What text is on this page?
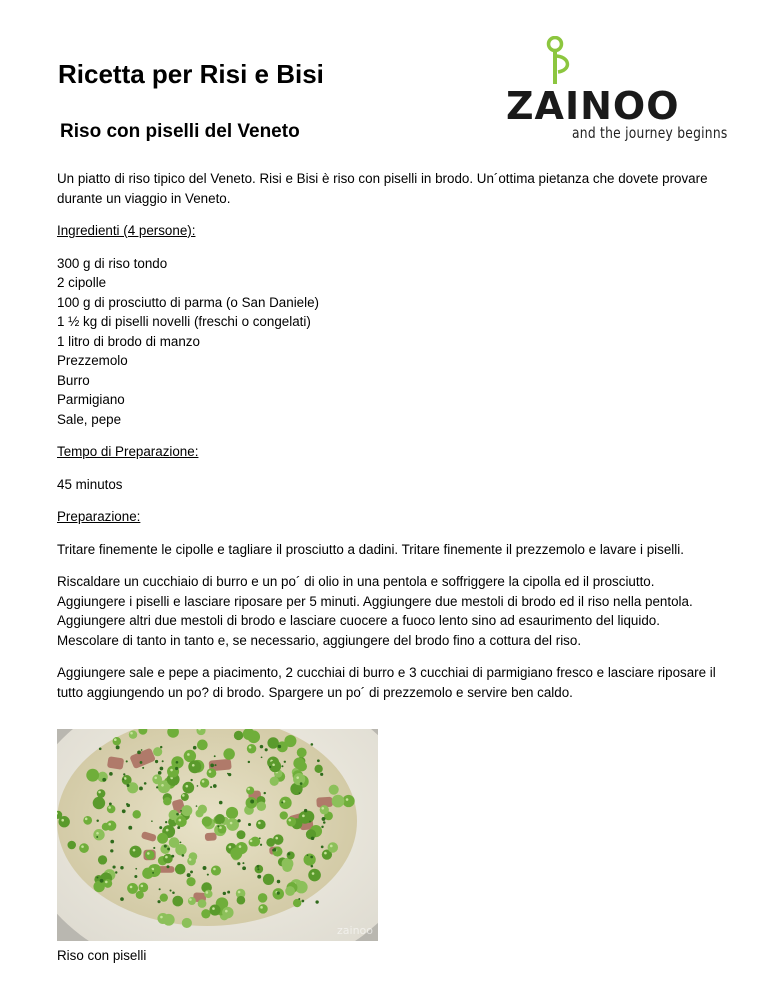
Ricetta per Risi e Bisi
Riso con piselli del Veneto
ZAINOO
and the journey beginns

Un piatto di riso tipico del Veneto. Risi e Bisi è riso con piselli in brodo. Un´ottima pietanza che dovete provare durante un viaggio in Veneto.

Ingredienti (4 persone):

300 g di riso tondo
2 cipolle
100 g di prosciutto di parma (o San Daniele)
1 ½ kg di piselli novelli (freschi o congelati)
1 litro di brodo di manzo
Prezzemolo
Burro
Parmigiano
Sale, pepe

Tempo di Preparazione:

45 minutos

Preparazione:

Tritare finemente le cipolle e tagliare il prosciutto a dadini. Tritare finemente il prezzemolo e lavare i piselli.

Riscaldare un cucchiaio di burro e un po´ di olio in una pentola e soffriggere la cipolla ed il prosciutto. Aggiungere i piselli e lasciare riposare per 5 minuti. Aggiungere due mestoli di brodo ed il riso nella pentola. Aggiungere altri due mestoli di brodo e lasciare cuocere a fuoco lento sino ad esaurimento del liquido. Mescolare di tanto in tanto e, se necessario, aggiungere del brodo fino a cottura del riso.

Aggiungere sale e pepe a piacimento, 2 cucchiai di burro e 3 cucchiai di parmigiano fresco e lasciare riposare il tutto aggiungendo un po? di brodo. Spargere un po´ di prezzemolo e servire ben caldo.

zainoo
Riso con piselli
